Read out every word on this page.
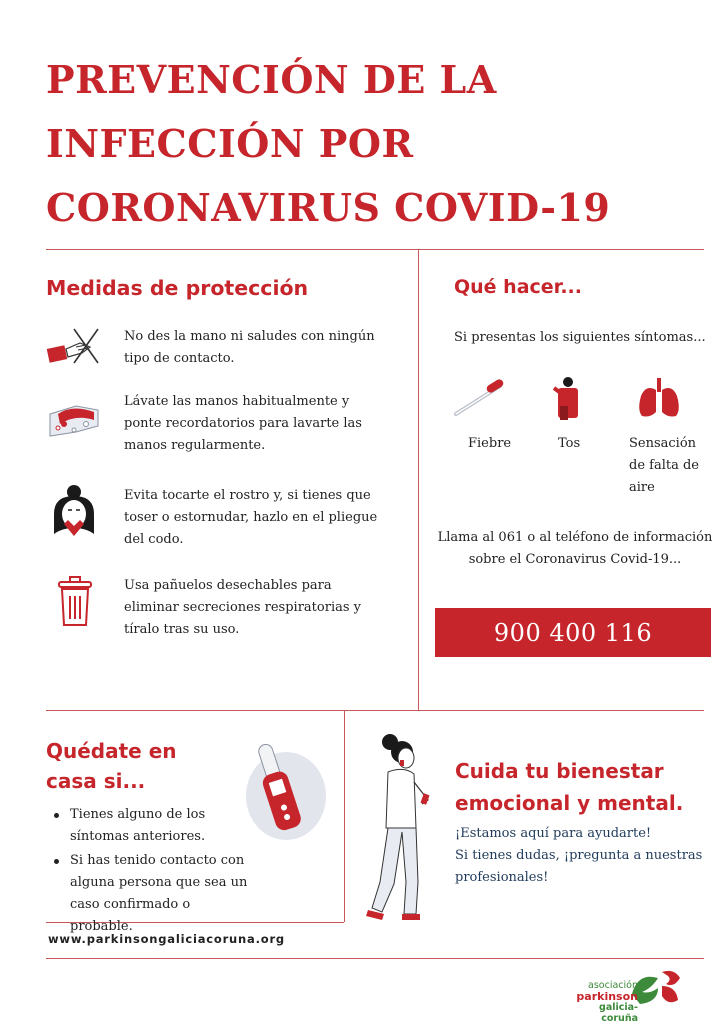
PREVENCIÓN DE LA
INFECCIÓN POR
CORONAVIRUS COVID-19
Medidas de protección
No des la mano ni saludes con ningún tipo de contacto.
Lávate las manos habitualmente y ponte recordatorios para lavarte las manos regularmente.
Evita tocarte el rostro y, si tienes que toser o estornudar, hazlo en el pliegue del codo.
Usa pañuelos desechables para eliminar secreciones respiratorias y tíralo tras su uso.
Qué hacer...
Si presentas los siguientes síntomas...
Fiebre	Tos	Sensación de falta de aire
Llama al 061 o al teléfono de información sobre el Coronavirus Covid-19...
900 400 116
Quédate en
casa si...
Tienes alguno de los síntomas anteriores.
Si has tenido contacto con alguna persona que sea un caso confirmado o probable.
Cuida tu bienestar
emocional y mental.
¡Estamos aquí para ayudarte!
Si tienes dudas, ¡pregunta a nuestras profesionales!
www.parkinsongaliciacoruna.org
asociación
parkinson
galicia-coruña
